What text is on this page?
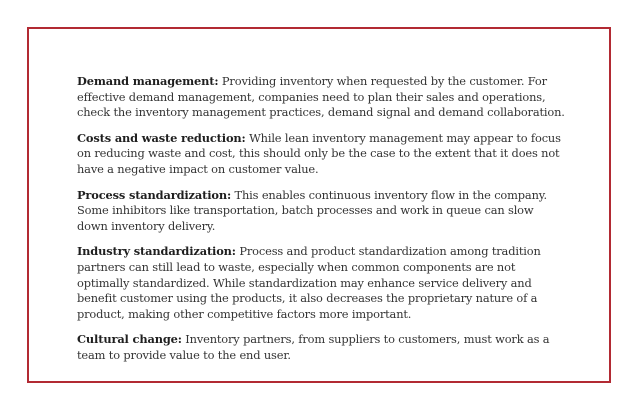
Demand management: Providing inventory when requested by the customer. For effective demand management, companies need to plan their sales and operations, check the inventory management practices, demand signal and demand collaboration.

Costs and waste reduction: While lean inventory management may appear to focus on reducing waste and cost, this should only be the case to the extent that it does not have a negative impact on customer value.

Process standardization: This enables continuous inventory flow in the company. Some inhibitors like transportation, batch processes and work in queue can slow down inventory delivery.

Industry standardization: Process and product standardization among tradition partners can still lead to waste, especially when common components are not optimally standardized. While standardization may enhance service delivery and benefit customer using the products, it also decreases the proprietary nature of a product, making other competitive factors more important.

Cultural change: Inventory partners, from suppliers to customers, must work as a team to provide value to the end user.
